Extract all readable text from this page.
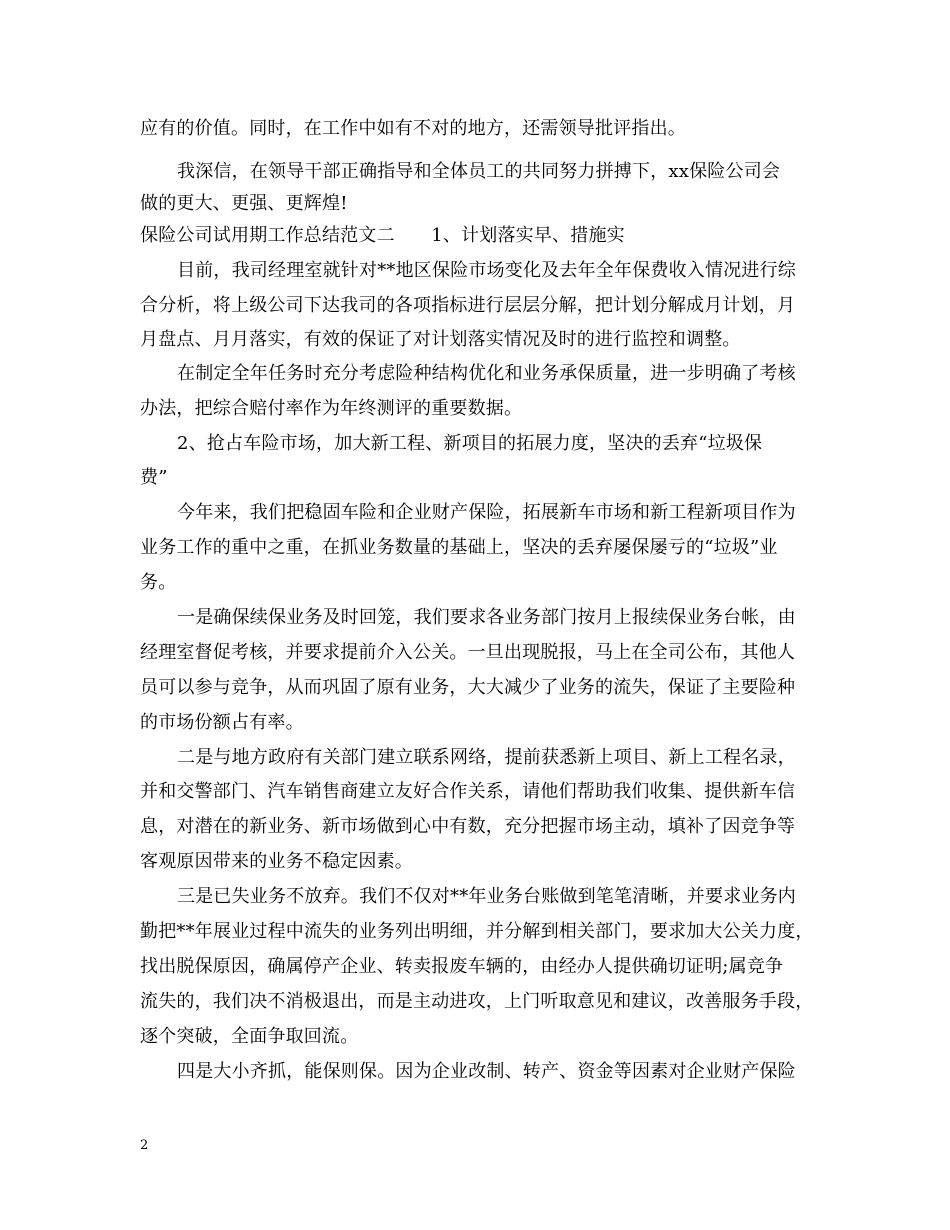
应有的价值。同时，在工作中如有不对的地方，还需领导批评指出。
我深信，在领导干部正确指导和全体员工的共同努力拼搏下，xx保险公司会
做的更大、更强、更辉煌!
保险公司试用期工作总结范文二　　1、计划落实早、措施实
目前，我司经理室就针对**地区保险市场变化及去年全年保费收入情况进行综
合分析，将上级公司下达我司的各项指标进行层层分解，把计划分解成月计划，月
月盘点、月月落实，有效的保证了对计划落实情况及时的进行监控和调整。
在制定全年任务时充分考虑险种结构优化和业务承保质量，进一步明确了考核
办法，把综合赔付率作为年终测评的重要数据。
2、抢占车险市场，加大新工程、新项目的拓展力度，坚决的丢弃“垃圾保
费”
今年来，我们把稳固车险和企业财产保险，拓展新车市场和新工程新项目作为
业务工作的重中之重，在抓业务数量的基础上，坚决的丢弃屡保屡亏的“垃圾”业
务。
一是确保续保业务及时回笼，我们要求各业务部门按月上报续保业务台帐，由
经理室督促考核，并要求提前介入公关。一旦出现脱报，马上在全司公布，其他人
员可以参与竞争，从而巩固了原有业务，大大减少了业务的流失，保证了主要险种
的市场份额占有率。
二是与地方政府有关部门建立联系网络，提前获悉新上项目、新上工程名录，
并和交警部门、汽车销售商建立友好合作关系，请他们帮助我们收集、提供新车信
息，对潜在的新业务、新市场做到心中有数，充分把握市场主动，填补了因竞争等
客观原因带来的业务不稳定因素。
三是已失业务不放弃。我们不仅对**年业务台账做到笔笔清晰，并要求业务内
勤把**年展业过程中流失的业务列出明细，并分解到相关部门，要求加大公关力度，
找出脱保原因，确属停产企业、转卖报废车辆的，由经办人提供确切证明;属竞争
流失的，我们决不消极退出，而是主动进攻，上门听取意见和建议，改善服务手段，
逐个突破，全面争取回流。
四是大小齐抓，能保则保。因为企业改制、转产、资金等因素对企业财产保险
2
